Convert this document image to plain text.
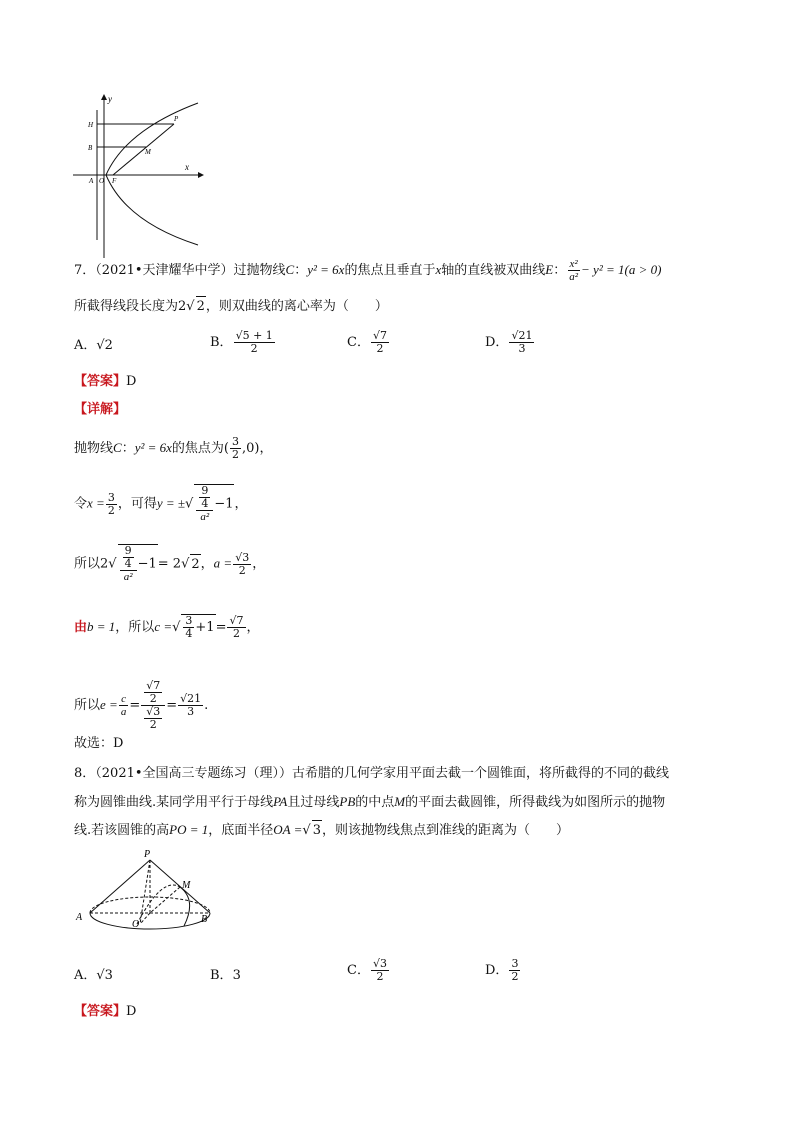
y
x
H
B
A O F
P
M
7．（2021•天津耀华中学）过抛物线C：y² = 6x的焦点且垂直于x轴的直线被双曲线E： $\frac{\text{x²}}{\text{a²}} - y^2 = 1(a > 0)$
所截得线段长度为2√ 2，则双曲线的离心率为（　　）
A．√2	B． $\frac{√5 + 1}{2}$	C． $\frac{√7}{2}$	D． $\frac{√21}{3}$
【答案】D
【详解】
抛物线C：y² = 6x的焦点为( $\frac{3}{2} ,0$)，
令$x = \frac{3}{2}$ ，可得y = ±√ $\frac{\frac{9}{4}}{\text{a²}} -1$，
所以$2√ \frac{\frac{9}{4}}{\text{a²}} -1= 2√$ 2，$a = \frac{√3}{2}$ ，
由b = 1，所以c =√ $\frac{3}{4} +1= \frac{√7}{2}$ ，
所以$e = \frac{c}{a} = \frac{\frac{√7}{2}}{\frac{√3}{2}} = \frac{√21}{3}$ .
故选：D
8．（2021•全国高三专题练习（理））古希腊的几何学家用平面去截一个圆锥面，将所截得的不同的截线
称为圆锥曲线.某同学用平行于母线PA且过母线PB的中点M的平面去截圆锥，所得截线为如图所示的抛物
线.若该圆锥的高PO = 1，底面半径OA =√ 3，则该抛物线焦点到准线的距离为（　　）
P
M
A
O	B
A．√3	B．3	C． $\frac{√3}{2}$	D． $\frac{3}{2}$
【答案】D
